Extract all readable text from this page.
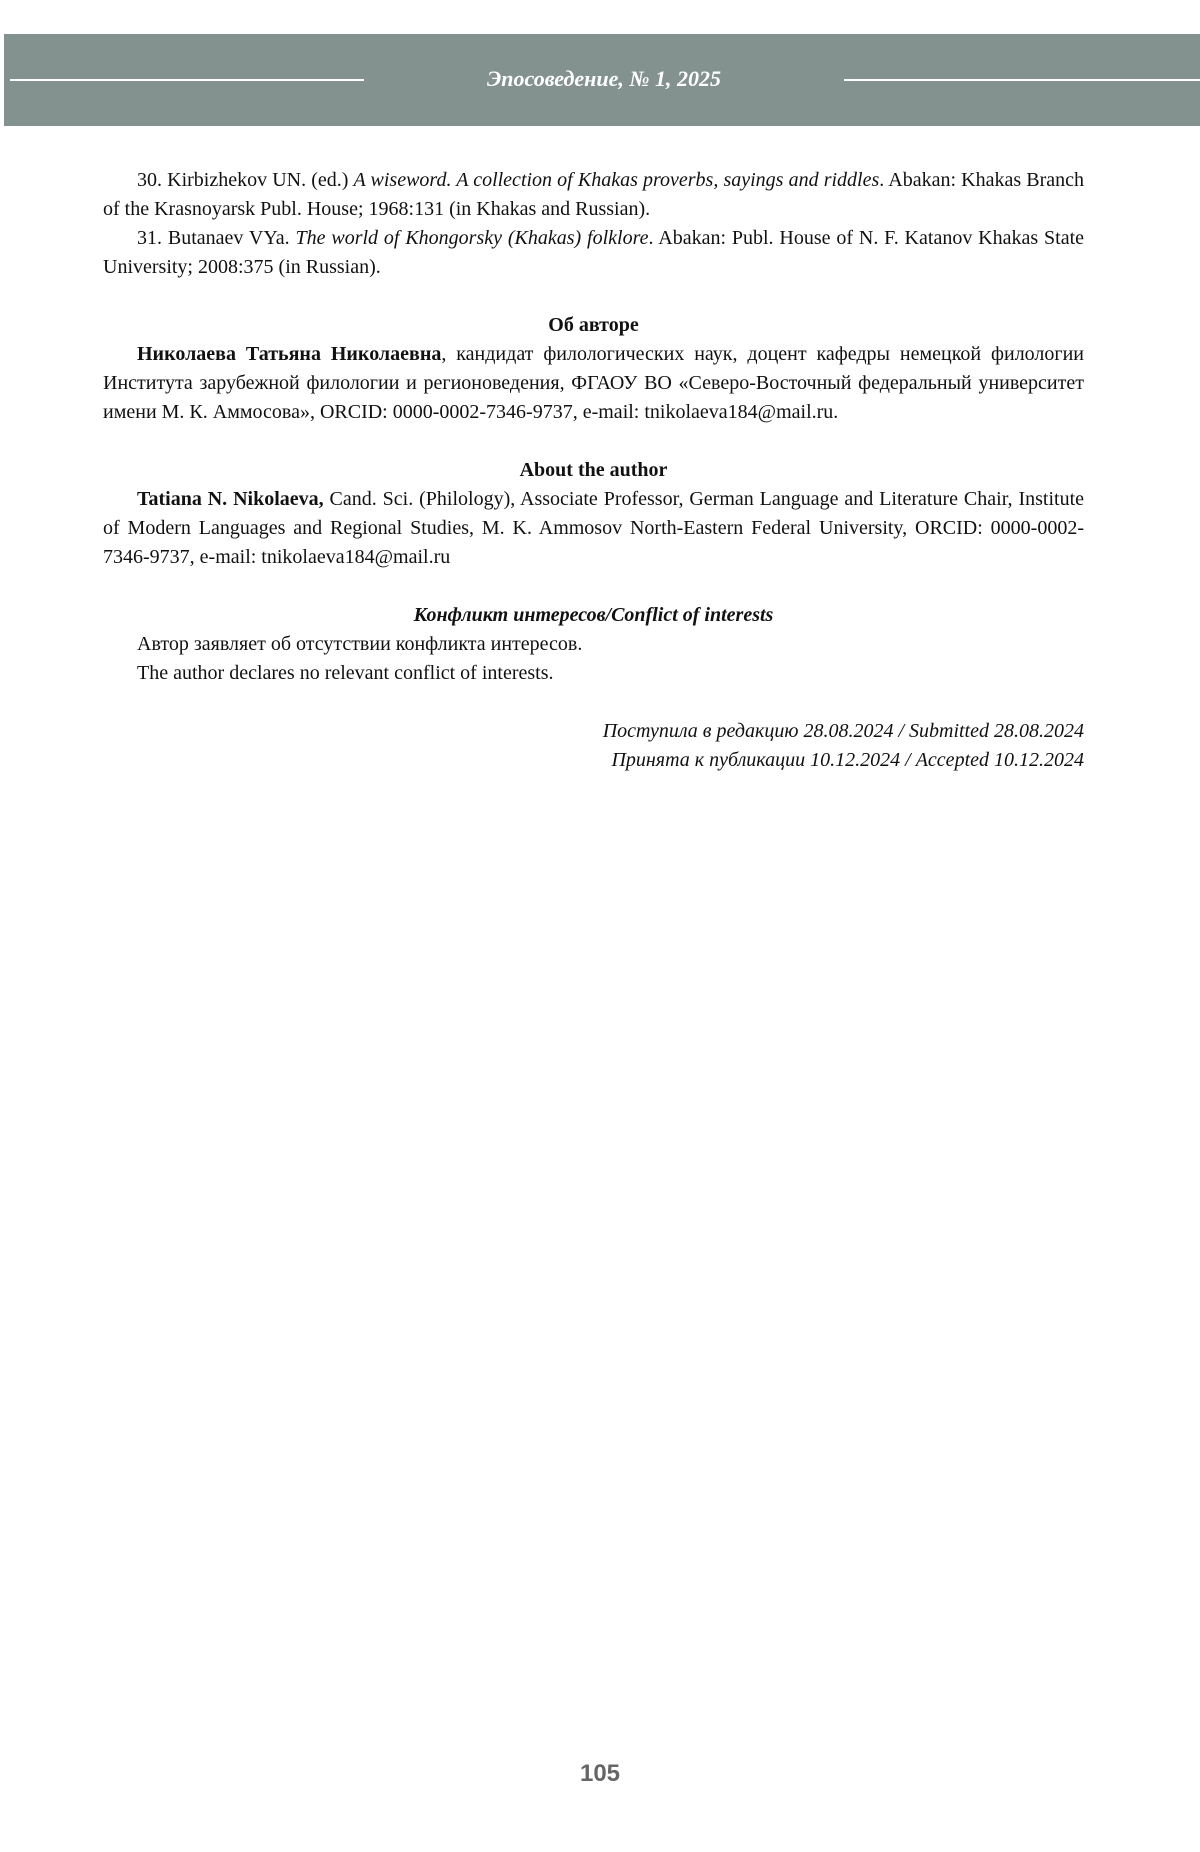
Эпосоведение, № 1, 2025

30. Kirbizhekov UN. (ed.) A wiseword. A collection of Khakas proverbs, sayings and riddles. Abakan: Khakas Branch of the Krasnoyarsk Publ. House; 1968:131 (in Khakas and Russian).

31. Butanaev VYa. The world of Khongorsky (Khakas) folklore. Abakan: Publ. House of N. F. Katanov Khakas State University; 2008:375 (in Russian).

Об авторе

Николаева Татьяна Николаевна, кандидат филологических наук, доцент кафедры немецкой филологии Института зарубежной филологии и регионоведения, ФГАОУ ВО «Северо-Восточный федеральный университет имени М. К. Аммосова», ORCID: 0000-0002-7346-9737, e-mail: tnikolaeva184@mail.ru.

About the author

Tatiana N. Nikolaeva, Cand. Sci. (Philology), Associate Professor, German Language and Literature Chair, Institute of Modern Languages and Regional Studies, M. K. Ammosov North-Eastern Federal University, ORCID: 0000-0002-7346-9737, e-mail: tnikolaeva184@mail.ru

Конфликт интересов/Conflict of interests

Автор заявляет об отсутствии конфликта интересов.

The author declares no relevant conflict of interests.

Поступила в редакцию 28.08.2024 / Submitted 28.08.2024

Принята к публикации 10.12.2024 / Accepted 10.12.2024

105
